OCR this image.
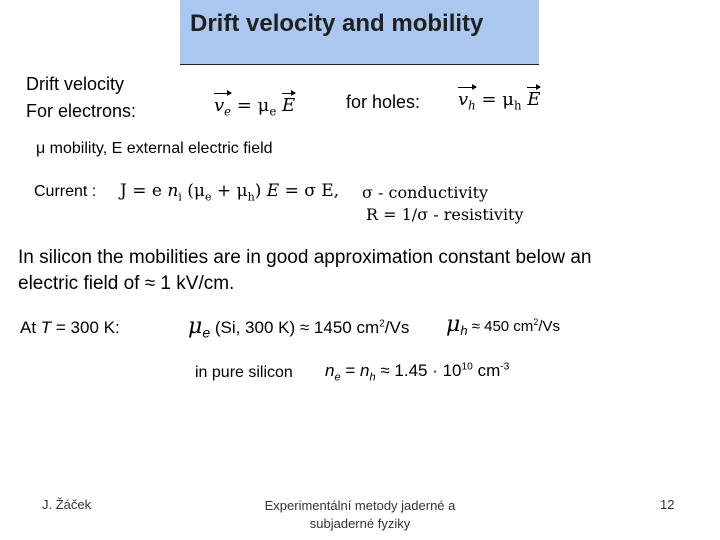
Drift velocity and mobility
Drift velocity
For electrons:	$v_e = \mu_e$ E	for holes: $v_h = \mu_h$ E
μ mobility, E external electric field
Current : J = e $n_i$ $(\mu_e + \mu_h) E = \sigma$ E, σ - conductivity
R = 1/σ - resistivity
In silicon the mobilities are in good approximation constant below an
electric field of ≈ 1 kV/cm.
At T = 300 K:	$\mu_e$ (Si, 300 K) ≈ 1450 $cm^2/Vs$ $\mu_h \approx 450$ $cm^2/Vs$
in pure silicon $n_e = n_h \approx 1.45 \cdot 10^{10}$ $cm^{-3}$
J. Žáček	Experimentální metody jaderné a subjaderné fyziky
12
